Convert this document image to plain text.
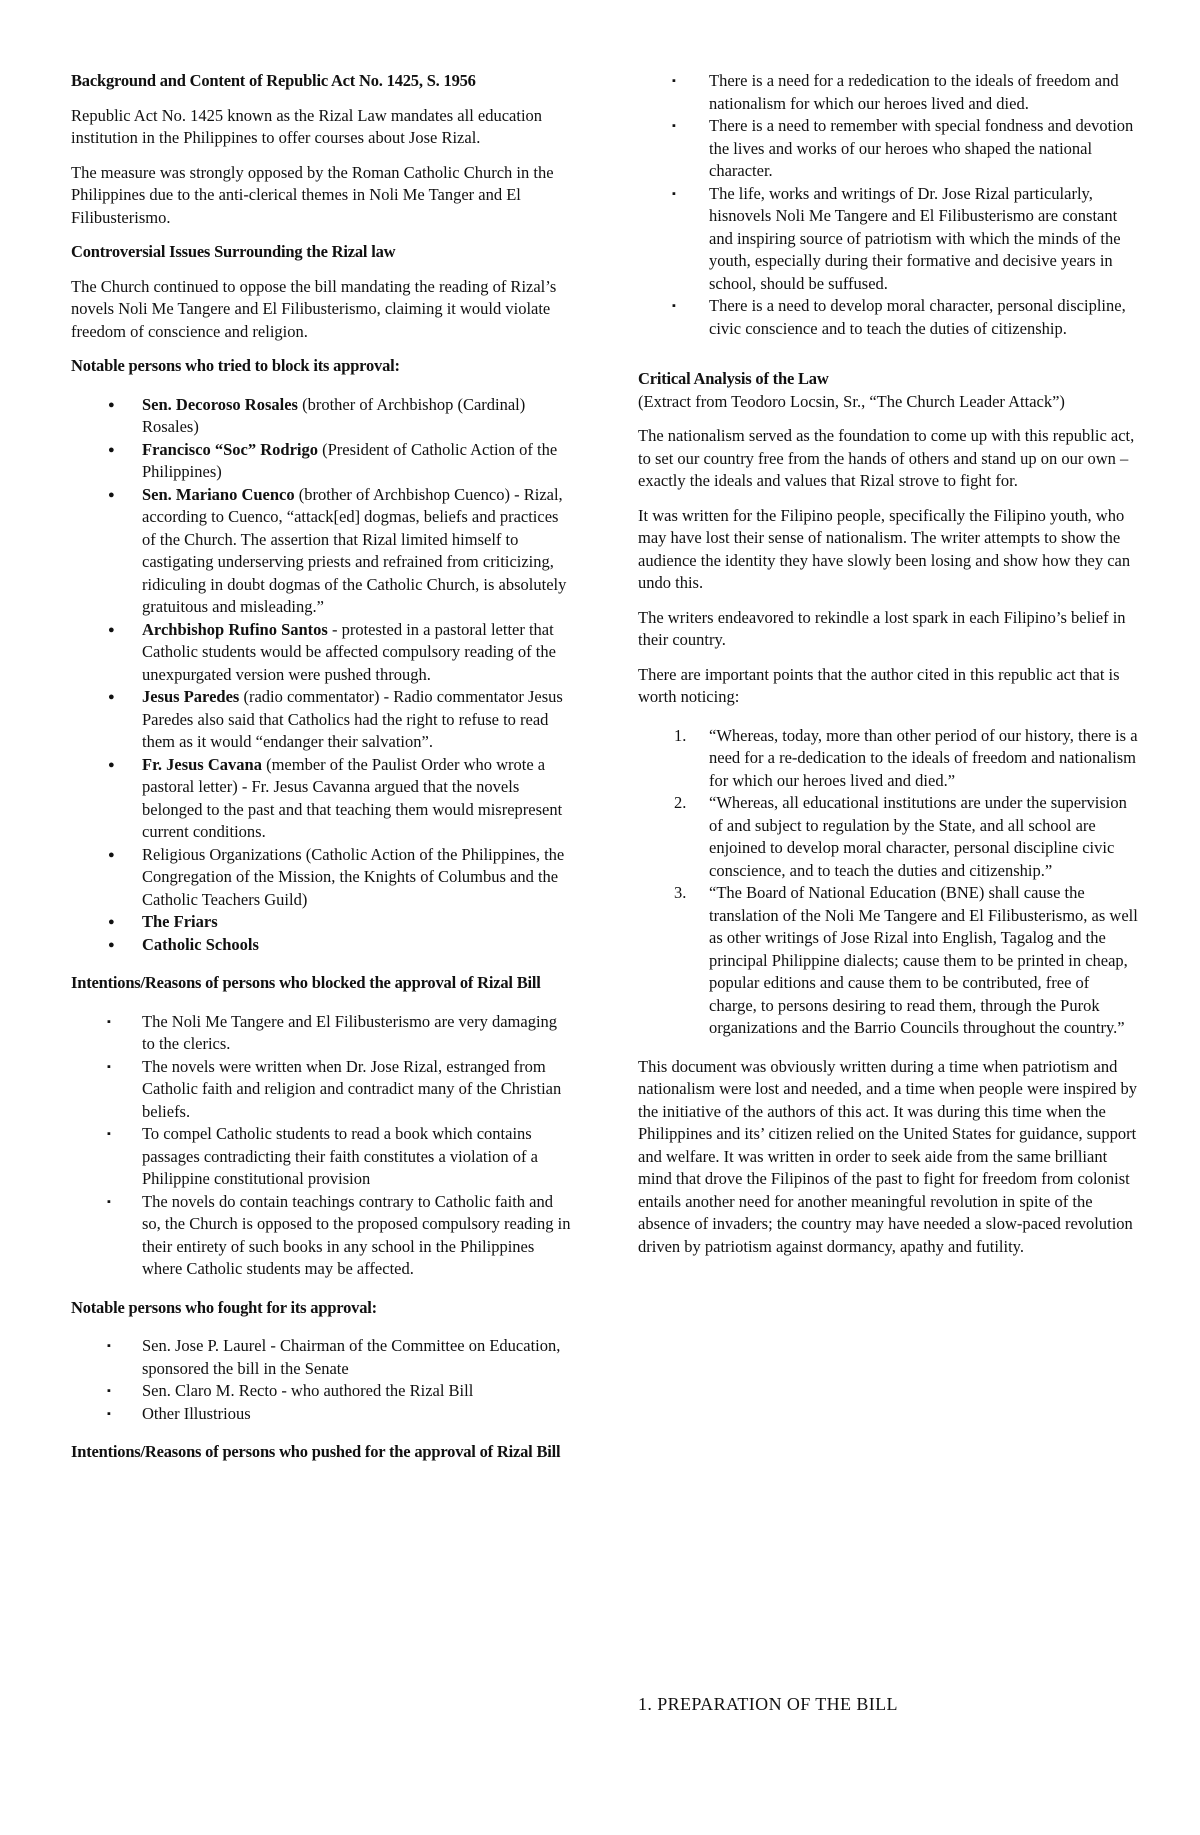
Background and Content of Republic Act No. 1425, S. 1956

Republic Act No. 1425 known as the Rizal Law mandates all education institution in the Philippines to offer courses about Jose Rizal.

The measure was strongly opposed by the Roman Catholic Church in the Philippines due to the anti-clerical themes in Noli Me Tanger and El Filibusterismo.

Controversial Issues Surrounding the Rizal law

The Church continued to oppose the bill mandating the reading of Rizal’s novels Noli Me Tangere and El Filibusterismo, claiming it would violate freedom of conscience and religion.

Notable persons who tried to block its approval:
● Sen. Decoroso Rosales (brother of Archbishop (Cardinal) Rosales)
● Francisco “Soc” Rodrigo (President of Catholic Action of the Philippines)
● Sen. Mariano Cuenco (brother of Archbishop Cuenco) - Rizal, according to Cuenco, “attack[ed] dogmas, beliefs and practices of the Church. The assertion that Rizal limited himself to castigating underserving priests and refrained from criticizing, ridiculing in doubt dogmas of the Catholic Church, is absolutely gratuitous and misleading.”
● Archbishop Rufino Santos - protested in a pastoral letter that Catholic students would be affected compulsory reading of the unexpurgated version were pushed through.
● Jesus Paredes (radio commentator) - Radio commentator Jesus Paredes also said that Catholics had the right to refuse to read them as it would “endanger their salvation”.
● Fr. Jesus Cavana (member of the Paulist Order who wrote a pastoral letter) - Fr. Jesus Cavanna argued that the novels belonged to the past and that teaching them would misrepresent current conditions.
● Religious Organizations (Catholic Action of the Philippines, the Congregation of the Mission, the Knights of Columbus and the Catholic Teachers Guild)
● The Friars
● Catholic Schools
Intentions/Reasons of persons who blocked the approval of Rizal Bill
▪ The Noli Me Tangere and El Filibusterismo are very damaging to the clerics.
▪ The novels were written when Dr. Jose Rizal, estranged from Catholic faith and religion and contradict many of the Christian beliefs.
▪ To compel Catholic students to read a book which contains passages contradicting their faith constitutes a violation of a Philippine constitutional provision
▪ The novels do contain teachings contrary to Catholic faith and so, the Church is opposed to the proposed compulsory reading in their entirety of such books in any school in the Philippines where Catholic students may be affected.
Notable persons who fought for its approval:
▪ Sen. Jose P. Laurel - Chairman of the Committee on Education, sponsored the bill in the Senate
▪ Sen. Claro M. Recto - who authored the Rizal Bill
▪ Other Illustrious
Intentions/Reasons of persons who pushed for the approval of Rizal Bill
▪ There is a need for a rededication to the ideals of freedom and nationalism for which our heroes lived and died.
▪ There is a need to remember with special fondness and devotion the lives and works of our heroes who shaped the national character.
▪ The life, works and writings of Dr. Jose Rizal particularly, hisnovels Noli Me Tangere and El Filibusterismo are constant and inspiring source of patriotism with which the minds of the youth, especially during their formative and decisive years in school, should be suffused.
▪ There is a need to develop moral character, personal discipline, civic conscience and to teach the duties of citizenship.
Critical Analysis of the Law

(Extract from Teodoro Locsin, Sr., “The Church Leader Attack”)

The nationalism served as the foundation to come up with this republic act, to set our country free from the hands of others and stand up on our own – exactly the ideals and values that Rizal strove to fight for.

It was written for the Filipino people, specifically the Filipino youth, who may have lost their sense of nationalism. The writer attempts to show the audience the identity they have slowly been losing and show how they can undo this.

The writers endeavored to rekindle a lost spark in each Filipino’s belief in their country.

There are important points that the author cited in this republic act that is worth noticing:

1. “Whereas, today, more than other period of our history, there is a need for a re-dedication to the ideals of freedom and nationalism for which our heroes lived and died.”
2. “Whereas, all educational institutions are under the supervision of and subject to regulation by the State, and all school are enjoined to develop moral character, personal discipline civic conscience, and to teach the duties and citizenship.”
3. “The Board of National Education (BNE) shall cause the translation of the Noli Me Tangere and El Filibusterismo, as well as other writings of Jose Rizal into English, Tagalog and the principal Philippine dialects; cause them to be printed in cheap, popular editions and cause them to be contributed, free of charge, to persons desiring to read them, through the Purok organizations and the Barrio Councils throughout the country.”

This document was obviously written during a time when patriotism and nationalism were lost and needed, and a time when people were inspired by the initiative of the authors of this act. It was during this time when the Philippines and its’ citizen relied on the United States for guidance, support and welfare. It was written in order to seek aide from the same brilliant mind that drove the Filipinos of the past to fight for freedom from colonist entails another need for another meaningful revolution in spite of the absence of invaders; the country may have needed a slow-paced revolution driven by patriotism against dormancy, apathy and futility.

1. PREPARATION OF THE BILL
